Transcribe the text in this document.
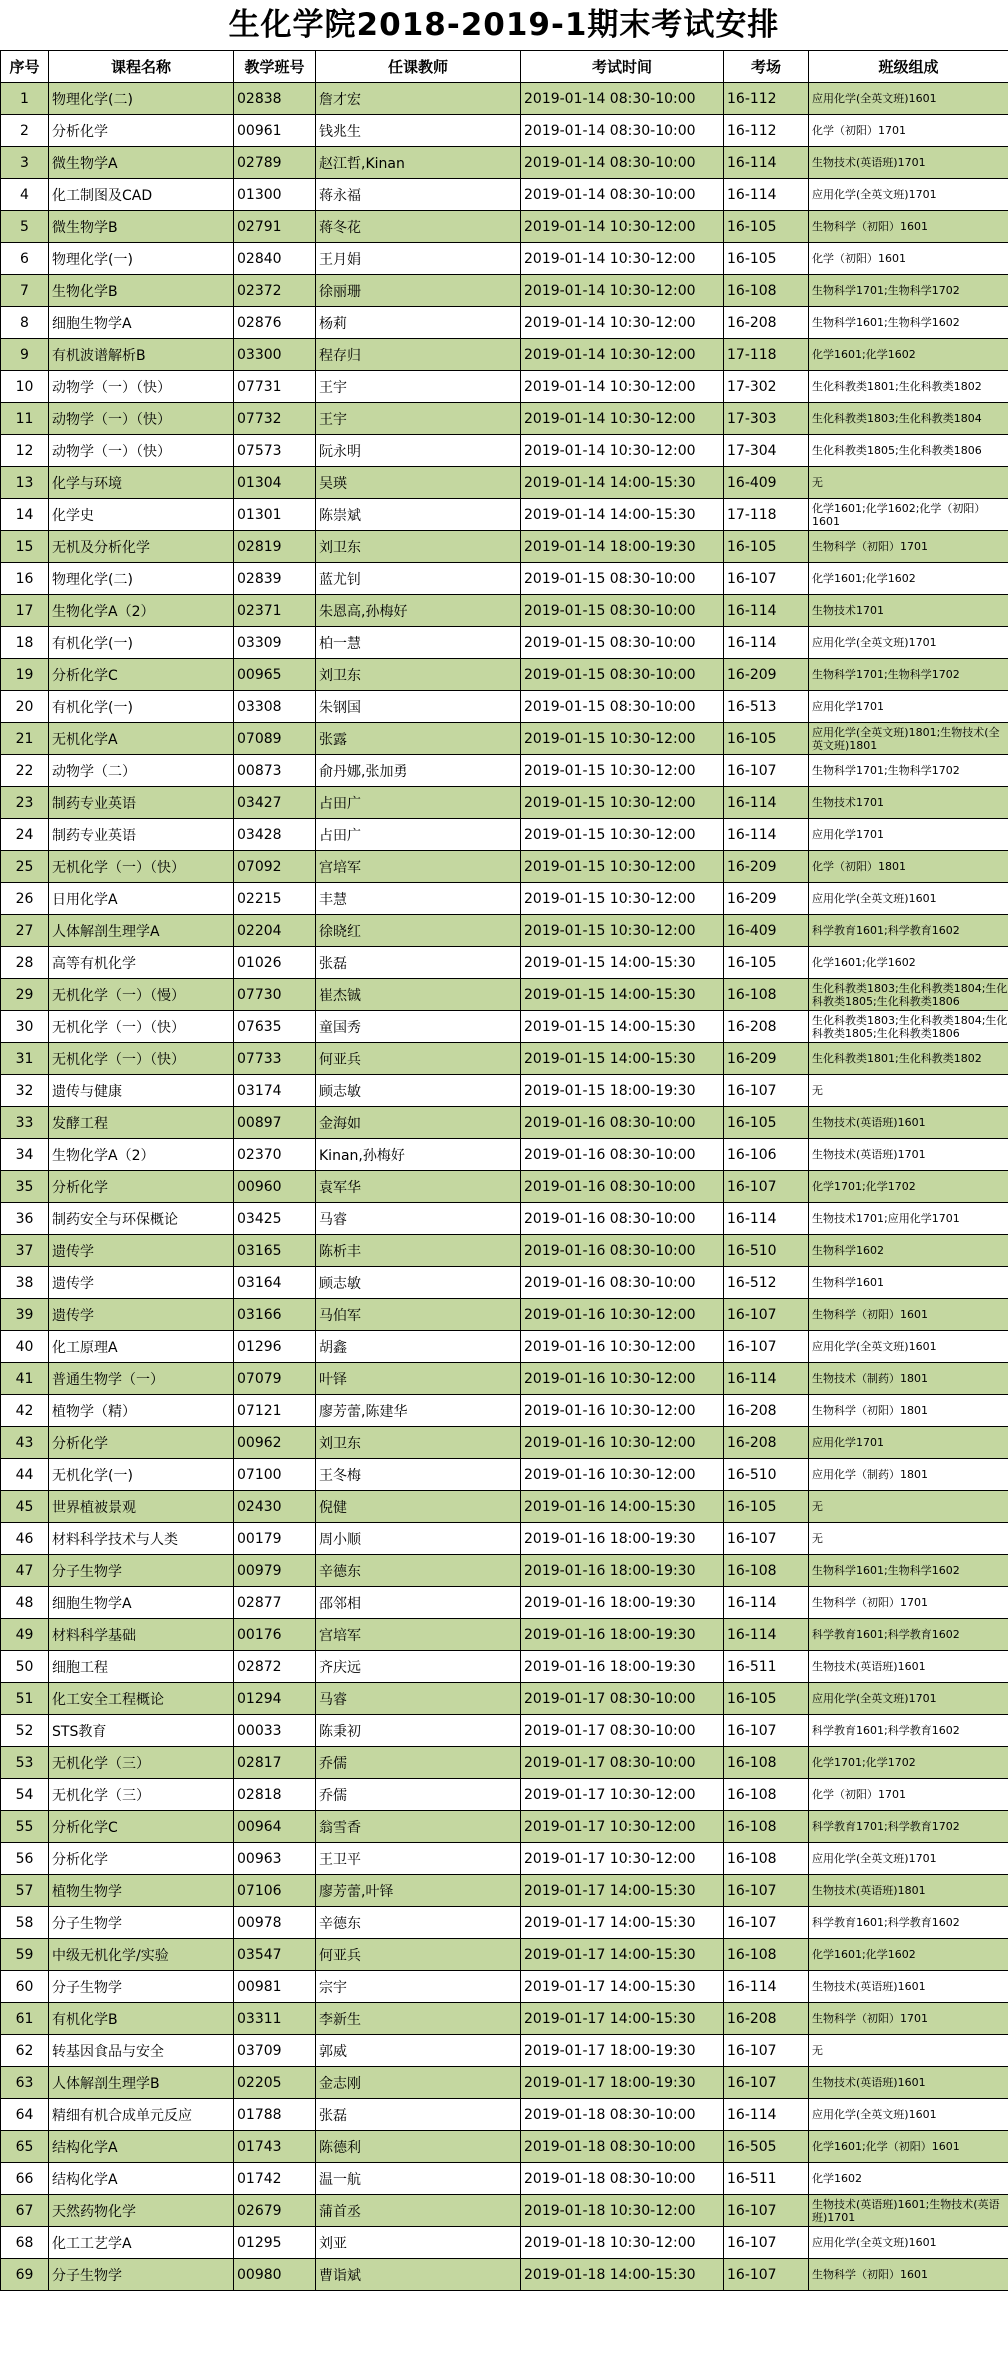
生化学院2018-2019-1期末考试安排
序号	课程名称	教学班号	任课教师	考试时间	考场	班级组成
1	物理化学(二)	02838	詹才宏	2019-01-14 08:30-10:00	16-112	应用化学(全英文班)1601
2	分析化学	00961	钱兆生	2019-01-14 08:30-10:00	16-112	化学（初阳）1701
3	微生物学A	02789	赵江哲,Kinan	2019-01-14 08:30-10:00	16-114	生物技术(英语班)1701
4	化工制图及CAD	01300	蒋永福	2019-01-14 08:30-10:00	16-114	应用化学(全英文班)1701
5	微生物学B	02791	蒋冬花	2019-01-14 10:30-12:00	16-105	生物科学（初阳）1601
6	物理化学(一)	02840	王月娟	2019-01-14 10:30-12:00	16-105	化学（初阳）1601
7	生物化学B	02372	徐丽珊	2019-01-14 10:30-12:00	16-108	生物科学1701;生物科学1702
8	细胞生物学A	02876	杨莉	2019-01-14 10:30-12:00	16-208	生物科学1601;生物科学1602
9	有机波谱解析B	03300	程存归	2019-01-14 10:30-12:00	17-118	化学1601;化学1602
10	动物学（一）（快）	07731	王宇	2019-01-14 10:30-12:00	17-302	生化科教类1801;生化科教类1802
11	动物学（一）（快）	07732	王宇	2019-01-14 10:30-12:00	17-303	生化科教类1803;生化科教类1804
12	动物学（一）（快）	07573	阮永明	2019-01-14 10:30-12:00	17-304	生化科教类1805;生化科教类1806
13	化学与环境	01304	吴瑛	2019-01-14 14:00-15:30	16-409	无
14	化学史	01301	陈崇斌	2019-01-14 14:00-15:30	17-118	化学1601;化学1602;化学（初阳）1601
15	无机及分析化学	02819	刘卫东	2019-01-14 18:00-19:30	16-105	生物科学（初阳）1701
16	物理化学(二)	02839	蓝尤钊	2019-01-15 08:30-10:00	16-107	化学1601;化学1602
17	生物化学A（2）	02371	朱恩高,孙梅好	2019-01-15 08:30-10:00	16-114	生物技术1701
18	有机化学(一)	03309	柏一慧	2019-01-15 08:30-10:00	16-114	应用化学(全英文班)1701
19	分析化学C	00965	刘卫东	2019-01-15 08:30-10:00	16-209	生物科学1701;生物科学1702
20	有机化学(一)	03308	朱钢国	2019-01-15 08:30-10:00	16-513	应用化学1701
21	无机化学A	07089	张露	2019-01-15 10:30-12:00	16-105	应用化学(全英文班)1801;生物技术(全英文班)1801
22	动物学（二）	00873	俞丹娜,张加勇	2019-01-15 10:30-12:00	16-107	生物科学1701;生物科学1702
23	制药专业英语	03427	占田广	2019-01-15 10:30-12:00	16-114	生物技术1701
24	制药专业英语	03428	占田广	2019-01-15 10:30-12:00	16-114	应用化学1701
25	无机化学（一）（快）	07092	宫培军	2019-01-15 10:30-12:00	16-209	化学（初阳）1801
26	日用化学A	02215	丰慧	2019-01-15 10:30-12:00	16-209	应用化学(全英文班)1601
27	人体解剖生理学A	02204	徐晓红	2019-01-15 10:30-12:00	16-409	科学教育1601;科学教育1602
28	高等有机化学	01026	张磊	2019-01-15 14:00-15:30	16-105	化学1601;化学1602
29	无机化学（一）（慢）	07730	崔杰铖	2019-01-15 14:00-15:30	16-108	生化科教类1803;生化科教类1804;生化科教类1805;生化科教类1806
30	无机化学（一）（快）	07635	童国秀	2019-01-15 14:00-15:30	16-208	生化科教类1803;生化科教类1804;生化科教类1805;生化科教类1806
31	无机化学（一）（快）	07733	何亚兵	2019-01-15 14:00-15:30	16-209	生化科教类1801;生化科教类1802
32	遗传与健康	03174	顾志敏	2019-01-15 18:00-19:30	16-107	无
33	发酵工程	00897	金海如	2019-01-16 08:30-10:00	16-105	生物技术(英语班)1601
34	生物化学A（2）	02370	Kinan,孙梅好	2019-01-16 08:30-10:00	16-106	生物技术(英语班)1701
35	分析化学	00960	袁军华	2019-01-16 08:30-10:00	16-107	化学1701;化学1702
36	制药安全与环保概论	03425	马睿	2019-01-16 08:30-10:00	16-114	生物技术1701;应用化学1701
37	遗传学	03165	陈析丰	2019-01-16 08:30-10:00	16-510	生物科学1602
38	遗传学	03164	顾志敏	2019-01-16 08:30-10:00	16-512	生物科学1601
39	遗传学	03166	马伯军	2019-01-16 10:30-12:00	16-107	生物科学（初阳）1601
40	化工原理A	01296	胡鑫	2019-01-16 10:30-12:00	16-107	应用化学(全英文班)1601
41	普通生物学（一）	07079	叶铎	2019-01-16 10:30-12:00	16-114	生物技术（制药）1801
42	植物学（精）	07121	廖芳蕾,陈建华	2019-01-16 10:30-12:00	16-208	生物科学（初阳）1801
43	分析化学	00962	刘卫东	2019-01-16 10:30-12:00	16-208	应用化学1701
44	无机化学(一)	07100	王冬梅	2019-01-16 10:30-12:00	16-510	应用化学（制药）1801
45	世界植被景观	02430	倪健	2019-01-16 14:00-15:30	16-105	无
46	材料科学技术与人类	00179	周小顺	2019-01-16 18:00-19:30	16-107	无
47	分子生物学	00979	辛德东	2019-01-16 18:00-19:30	16-108	生物科学1601;生物科学1602
48	细胞生物学A	02877	邵邻相	2019-01-16 18:00-19:30	16-114	生物科学（初阳）1701
49	材料科学基础	00176	宫培军	2019-01-16 18:00-19:30	16-114	科学教育1601;科学教育1602
50	细胞工程	02872	齐庆远	2019-01-16 18:00-19:30	16-511	生物技术(英语班)1601
51	化工安全工程概论	01294	马睿	2019-01-17 08:30-10:00	16-105	应用化学(全英文班)1701
52	STS教育	00033	陈秉初	2019-01-17 08:30-10:00	16-107	科学教育1601;科学教育1602
53	无机化学（三）	02817	乔儒	2019-01-17 08:30-10:00	16-108	化学1701;化学1702
54	无机化学（三）	02818	乔儒	2019-01-17 10:30-12:00	16-108	化学（初阳）1701
55	分析化学C	00964	翁雪香	2019-01-17 10:30-12:00	16-108	科学教育1701;科学教育1702
56	分析化学	00963	王卫平	2019-01-17 10:30-12:00	16-108	应用化学(全英文班)1701
57	植物生物学	07106	廖芳蕾,叶铎	2019-01-17 14:00-15:30	16-107	生物技术(英语班)1801
58	分子生物学	00978	辛德东	2019-01-17 14:00-15:30	16-107	科学教育1601;科学教育1602
59	中级无机化学/实验	03547	何亚兵	2019-01-17 14:00-15:30	16-108	化学1601;化学1602
60	分子生物学	00981	宗宇	2019-01-17 14:00-15:30	16-114	生物技术(英语班)1601
61	有机化学B	03311	李新生	2019-01-17 14:00-15:30	16-208	生物科学（初阳）1701
62	转基因食品与安全	03709	郭威	2019-01-17 18:00-19:30	16-107	无
63	人体解剖生理学B	02205	金志刚	2019-01-17 18:00-19:30	16-107	生物技术(英语班)1601
64	精细有机合成单元反应	01788	张磊	2019-01-18 08:30-10:00	16-114	应用化学(全英文班)1601
65	结构化学A	01743	陈德利	2019-01-18 08:30-10:00	16-505	化学1601;化学（初阳）1601
66	结构化学A	01742	温一航	2019-01-18 08:30-10:00	16-511	化学1602
67	天然药物化学	02679	蒲首丞	2019-01-18 10:30-12:00	16-107	生物技术(英语班)1601;生物技术(英语班)1701
68	化工工艺学A	01295	刘亚	2019-01-18 10:30-12:00	16-107	应用化学(全英文班)1601
69	分子生物学	00980	曹诣斌	2019-01-18 14:00-15:30	16-107	生物科学（初阳）1601
